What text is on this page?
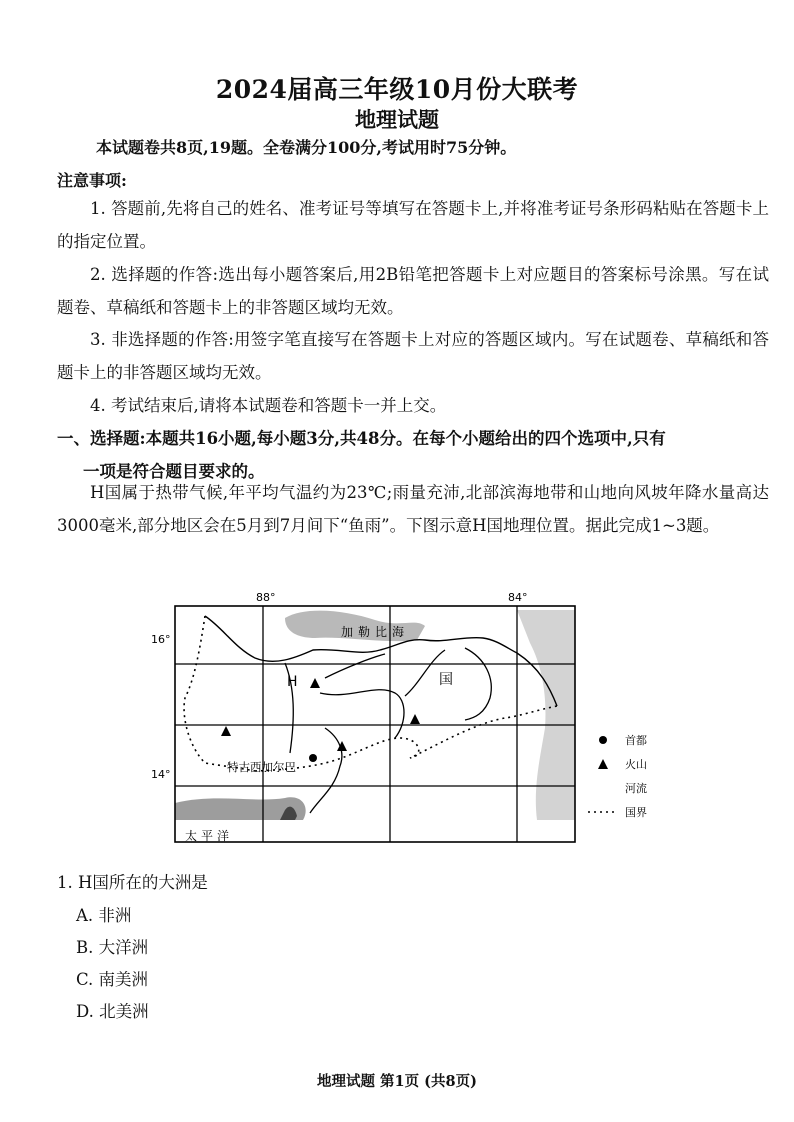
2024届高三年级10月份大联考
地理试题
本试题卷共8页,19题。全卷满分100分,考试用时75分钟。
注意事项:

1. 答题前,先将自己的姓名、准考证号等填写在答题卡上,并将准考证号条形码粘贴在答题卡上的指定位置。

2. 选择题的作答:选出每小题答案后,用2B铅笔把答题卡上对应题目的答案标号涂黑。写在试题卷、草稿纸和答题卡上的非答题区域均无效。

3. 非选择题的作答:用签字笔直接写在答题卡上对应的答题区域内。写在试题卷、草稿纸和答题卡上的非答题区域均无效。

4. 考试结束后,请将本试题卷和答题卡一并上交。

一、选择题:本题共16小题,每小题3分,共48分。在每个小题给出的四个选项中,只有
一项是符合题目要求的。

H国属于热带气候,年平均气温约为23℃;雨量充沛,北部滨海地带和山地向风坡年降水量高达3000毫米,部分地区会在5月到7月间下“鱼雨”。下图示意H国地理位置。据此完成1~3题。

88°	84°
16°
14°
加勒比海
太平洋
H	国
特古西加尔巴
首都
火山
河流
国界
1. H国所在的大洲是
A. 非洲
B. 大洋洲
C. 南美洲
D. 北美洲
地理试题 第1页 (共8页)
